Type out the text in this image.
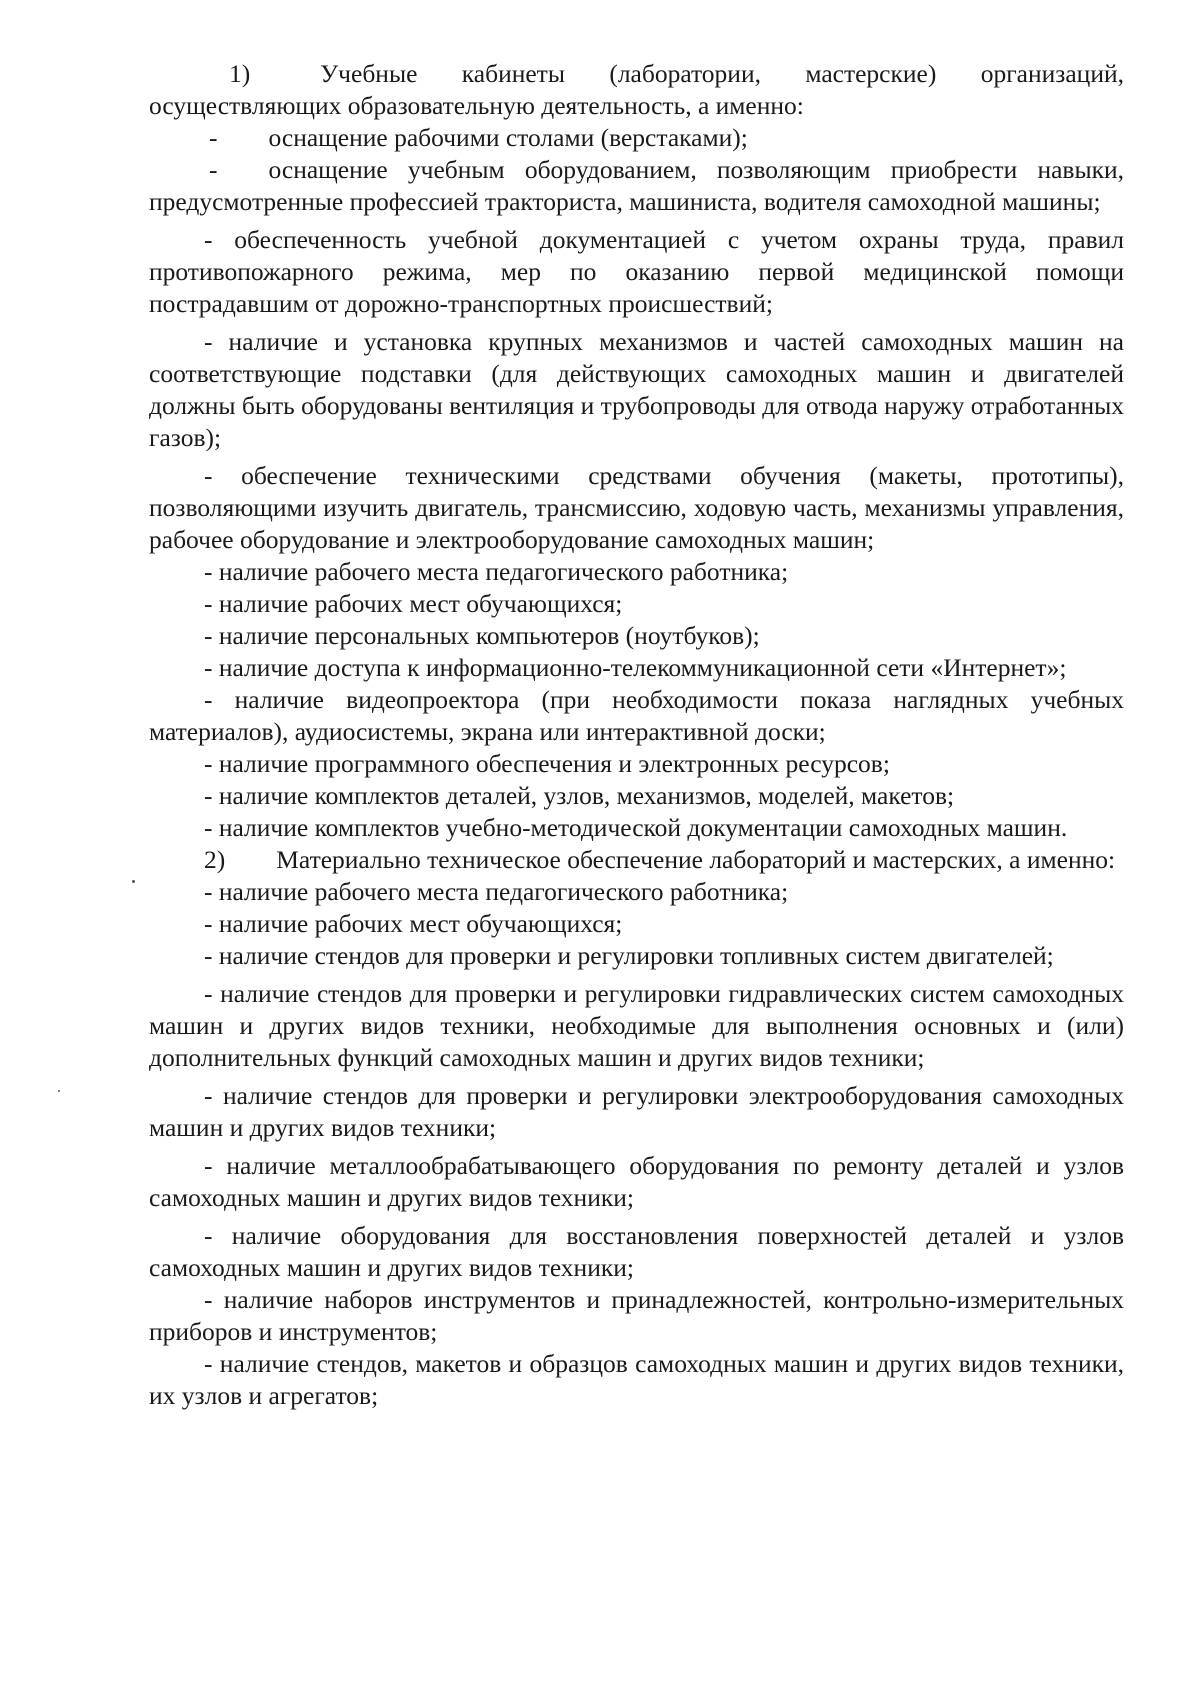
1)  Учебные кабинеты (лаборатории, мастерские) организаций, осуществляющих образовательную деятельность, а именно:

-  оснащение рабочими столами (верстаками);

-  оснащение учебным оборудованием, позволяющим приобрести навыки, предусмотренные профессией тракториста, машиниста, водителя самоходной машины;

- обеспеченность учебной документацией с учетом охраны труда, правил противопожарного режима, мер по оказанию первой медицинской помощи пострадавшим от дорожно-транспортных происшествий;

- наличие и установка крупных механизмов и частей самоходных машин на соответствующие подставки (для действующих самоходных машин и двигателей должны быть оборудованы вентиляция и трубопроводы для отвода наружу отработанных газов);

- обеспечение техническими средствами обучения (макеты, прототипы), позволяющими изучить двигатель, трансмиссию, ходовую часть, механизмы управления, рабочее оборудование и электрооборудование самоходных машин;

- наличие рабочего места педагогического работника;

- наличие рабочих мест обучающихся;

- наличие персональных компьютеров (ноутбуков);

- наличие доступа к информационно-телекоммуникационной сети «Интернет»;

- наличие видеопроектора (при необходимости показа наглядных учебных материалов), аудиосистемы, экрана или интерактивной доски;

- наличие программного обеспечения и электронных ресурсов;

- наличие комплектов деталей, узлов, механизмов, моделей, макетов;

- наличие комплектов учебно-методической документации самоходных машин.

2)  Материально техническое обеспечение лабораторий и мастерских, а именно:

- наличие рабочего места педагогического работника;

- наличие рабочих мест обучающихся;

- наличие стендов для проверки и регулировки топливных систем двигателей;

- наличие стендов для проверки и регулировки гидравлических систем самоходных машин и других видов техники, необходимые для выполнения основных и (или) дополнительных функций самоходных машин и других видов техники;

- наличие стендов для проверки и регулировки электрооборудования самоходных машин и других видов техники;

- наличие металлообрабатывающего оборудования по ремонту деталей и узлов самоходных машин и других видов техники;

- наличие оборудования для восстановления поверхностей деталей и узлов самоходных машин и других видов техники;

- наличие наборов инструментов и принадлежностей, контрольно-измерительных приборов и инструментов;

- наличие стендов, макетов и образцов самоходных машин и других видов техники, их узлов и агрегатов;
